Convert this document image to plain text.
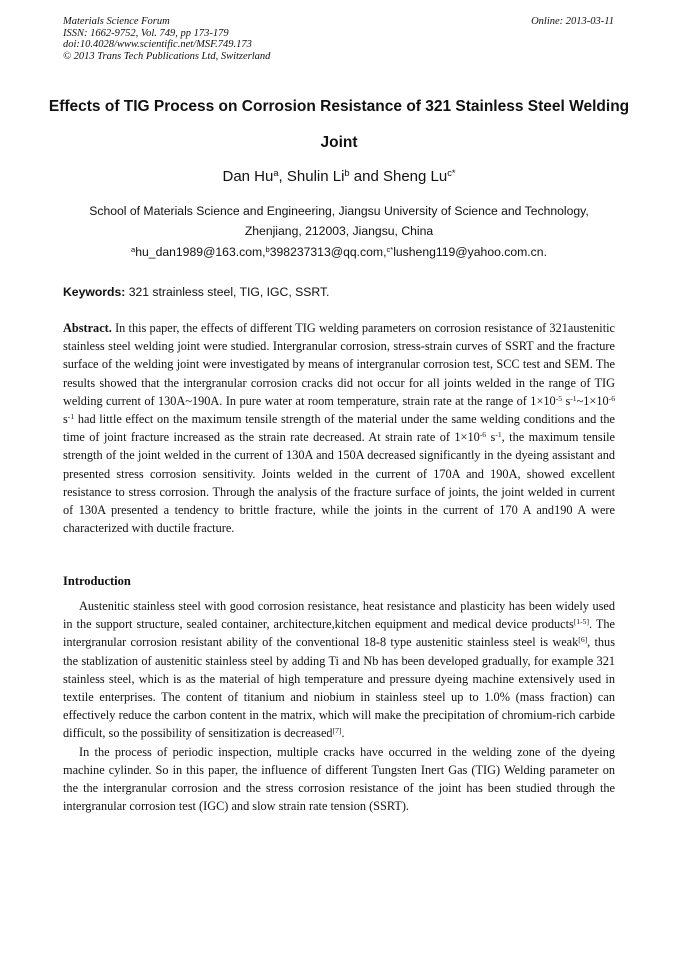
Materials Science Forum
ISSN: 1662-9752, Vol. 749, pp 173-179
doi:10.4028/www.scientific.net/MSF.749.173
© 2013 Trans Tech Publications Ltd, Switzerland
Online: 2013-03-11
Effects of TIG Process on Corrosion Resistance of 321 Stainless Steel Welding Joint
Dan Hu$^a$, Shulin Li$^b$ and Sheng $Lu^{c*}$
School of Materials Science and Engineering, Jiangsu University of Science and Technology,
Zhenjiang, 212003, Jiangsu, China
$^a$hu_dan1989@163.com,$^b$398237313@qq.com,$^{c*}$lusheng119@yahoo.com.cn.
Keywords: 321 strainless steel, TIG, IGC, SSRT.
Abstract. In this paper, the effects of different TIG welding parameters on corrosion resistance of 321austenitic stainless steel welding joint were studied. Intergranular corrosion, stress-strain curves of SSRT and the fracture surface of the welding joint were investigated by means of intergranular corrosion test, SCC test and SEM. The results showed that the intergranular corrosion cracks did not occur for all joints welded in the range of TIG welding current of 130A~190A. In pure water at room temperature, strain rate at the range of $1\times 10^{-5}$ $s^{-1}\sim 1\times 10^{-6}$ $s^{-1}$ had little effect on the maximum tensile strength of the material under the same welding conditions and the time of joint fracture increased as the strain rate decreased. At strain rate of $1\times 10^{-6}$ $s^{-1}$, the maximum tensile strength of the joint welded in the current of 130A and 150A decreased significantly in the dyeing assistant and presented stress corrosion sensitivity. Joints welded in the current of 170A and 190A, showed excellent resistance to stress corrosion. Through the analysis of the fracture surface of joints, the joint welded in current of 130A presented a tendency to brittle fracture, while the joints in the current of 170 A and190 A were characterized with ductile fracture.
Introduction

Austenitic stainless steel with good corrosion resistance, heat resistance and plasticity has been widely used in the support structure, sealed container, architecture,kitchen equipment and medical device products[1-5]. The intergranular corrosion resistant ability of the conventional 18-8 type austenitic stainless steel is weak[6], thus the stablization of austenitic stainless steel by adding Ti and Nb has been developed gradually, for example 321 stainless steel, which is as the material of high temperature and pressure dyeing machine extensively used in textile enterprises. The content of titanium and niobium in stainless steel up to 1.0% (mass fraction) can effectively reduce the carbon content in the matrix, which will make the precipitation of chromium-rich carbide difficult, so the possibility of sensitization is decreased[7].

In the process of periodic inspection, multiple cracks have occurred in the welding zone of the dyeing machine cylinder. So in this paper, the influence of different Tungsten Inert Gas (TIG) Welding parameter on the the intergranular corrosion and the stress corrosion resistance of the joint has been studied through the intergranular corrosion test (IGC) and slow strain rate tension (SSRT).
